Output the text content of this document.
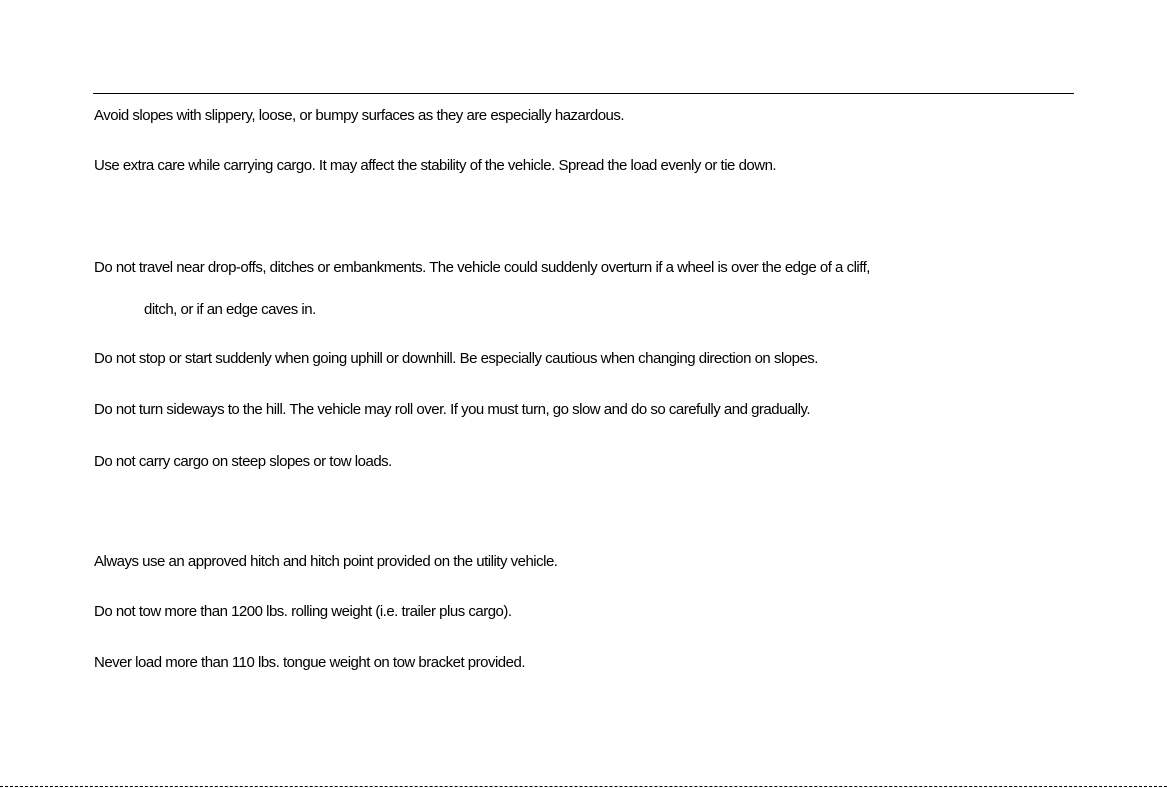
Avoid slopes with slippery, loose, or bumpy surfaces as they are especially hazardous.
Use extra care while carrying cargo. It may affect the stability of the vehicle. Spread the load evenly or tie down.
Do not travel near drop-offs, ditches or embankments. The vehicle could suddenly overturn if a wheel is over the edge of a cliff,
ditch, or if an edge caves in.
Do not stop or start suddenly when going uphill or downhill. Be especially cautious when changing direction on slopes.
Do not turn sideways to the hill. The vehicle may roll over. If you must turn, go slow and do so carefully and gradually.
Do not carry cargo on steep slopes or tow loads.
Always use an approved hitch and hitch point provided on the utility vehicle.
Do not tow more than 1200 lbs. rolling weight (i.e. trailer plus cargo).
Never load more than 110 lbs. tongue weight on tow bracket provided.
